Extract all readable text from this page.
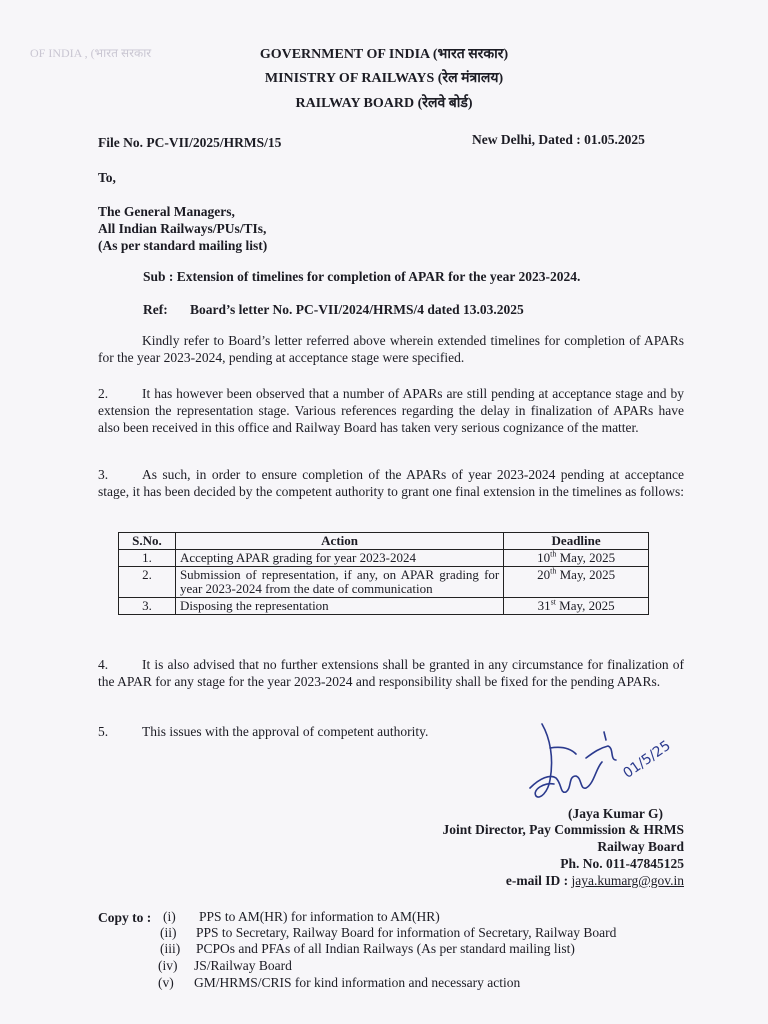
OF INDIA , (भारत सरकार	GOVERNMENT OF INDIA (भारत सरकार)
MINISTRY OF RAILWAYS (रेल मंत्रालय)
RAILWAY BOARD (रेलवे बोर्ड)
File No. PC-VII/2025/HRMS/15	New Delhi, Dated : 01.05.2025
To,
The General Managers,
All Indian Railways/PUs/TIs,
(As per standard mailing list)
Sub : Extension of timelines for completion of APAR for the year 2023-2024.
Ref: Board’s letter No. PC-VII/2024/HRMS/4 dated 13.03.2025
Kindly refer to Board’s letter referred above wherein extended timelines for completion of APARs for the year 2023-2024, pending at acceptance stage were specified.
2.	It has however been observed that a number of APARs are still pending at acceptance stage and by extension the representation stage. Various references regarding the delay in finalization of APARs have also been received in this office and Railway Board has taken very serious cognizance of the matter.
3.	As such, in order to ensure completion of the APARs of year 2023-2024 pending at acceptance stage, it has been decided by the competent authority to grant one final extension in the timelines as follows:
S.No.	Action	Deadline
1.	Accepting APAR grading for year 2023-2024	10th May, 2025
2.	Submission of representation, if any, on APAR grading for year 2023-2024 from the date of communication	20th May, 2025
3.	Disposing the representation	31st May, 2025
4.	It is also advised that no further extensions shall be granted in any circumstance for finalization of the APAR for any stage for the year 2023-2024 and responsibility shall be fixed for the pending APARs.
5.	This issues with the approval of competent authority.
01/5/25
(Jaya Kumar G)
Joint Director, Pay Commission & HRMS
Railway Board
Ph. No. 011-47845125
e-mail ID : jaya.kumarg@gov.in
Copy to : (i) PPS to AM(HR) for information to AM(HR)
(ii) PPS to Secretary, Railway Board for information of Secretary, Railway Board
(iii) PCPOs and PFAs of all Indian Railways (As per standard mailing list)
(iv) JS/Railway Board
(v) GM/HRMS/CRIS for kind information and necessary action
